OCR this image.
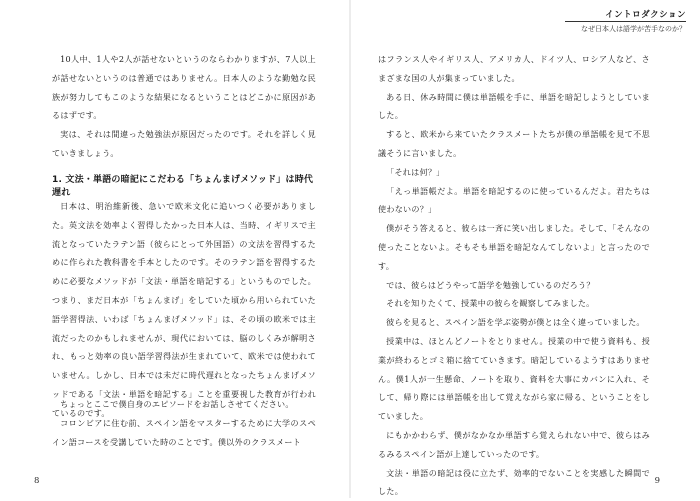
10人中、1人や2人が話せないというのならわかりますが、7人以上が話せないというのは普通ではありません。日本人のような勤勉な民族が努力してもこのような結果になるということはどこかに原因があるはずです。

実は、それは間違った勉強法が原因だったのです。それを詳しく見ていきましょう。

1. 文法・単語の暗記にこだわる「ちょんまげメソッド」は時代遅れ

日本は、明治維新後、急いで欧米文化に追いつく必要がありました。英文法を効率よく習得したかった日本人は、当時、イギリスで主流となっていたラテン語（彼らにとって外国語）の文法を習得するために作られた教科書を手本としたのです。そのラテン語を習得するために必要なメソッドが「文法・単語を暗記する」というものでした。つまり、まだ日本が「ちょんまげ」をしていた頃から用いられていた語学習得法、いわば「ちょんまげメソッド」は、その頃の欧米では主流だったのかもしれませんが、現代においては、脳のしくみが解明され、もっと効率の良い語学習得法が生まれていて、欧米では使われていません。しかし、日本では未だに時代遅れとなったちょんまげメソッドである「文法・単語を暗記する」ことを重要視した教育が行われているのです。

ちょっとここで僕自身のエピソードをお話しさせてください。

コロンビアに住む前、スペイン語をマスターするために大学のスペイン語コースを受講していた時のことです。僕以外のクラスメート

8
イントロダクション
なぜ日本人は語学が苦手なのか？

はフランス人やイギリス人、アメリカ人、ドイツ人、ロシア人など、さまざまな国の人が集まっていました。

ある日、休み時間に僕は単語帳を手に、単語を暗記しようとしていました。

すると、欧米から来ていたクラスメートたちが僕の単語帳を見て不思議そうに言いました。

「それは何？」

「えっ単語帳だよ。単語を暗記するのに使っているんだよ。君たちは使わないの？」

僕がそう答えると、彼らは一斉に笑い出しました。そして、「そんなの使ったことないよ。そもそも単語を暗記なんてしないよ」と言ったのです。

では、彼らはどうやって語学を勉強しているのだろう？

それを知りたくて、授業中の彼らを観察してみました。

彼らを見ると、スペイン語を学ぶ姿勢が僕とは全く違っていました。

授業中は、ほとんどノートをとりません。授業の中で使う資料も、授業が終わるとゴミ箱に捨てていきます。暗記しているようすはありません。僕1人が一生懸命、ノートを取り、資料を大事にカバンに入れ、そして、帰り際には単語帳を出して覚えながら家に帰る、ということをしていました。

にもかかわらず、僕がなかなか単語すら覚えられない中で、彼らはみるみるスペイン語が上達していったのです。

文法・単語の暗記は役に立たず、効率的でないことを実感した瞬間でした。

9
